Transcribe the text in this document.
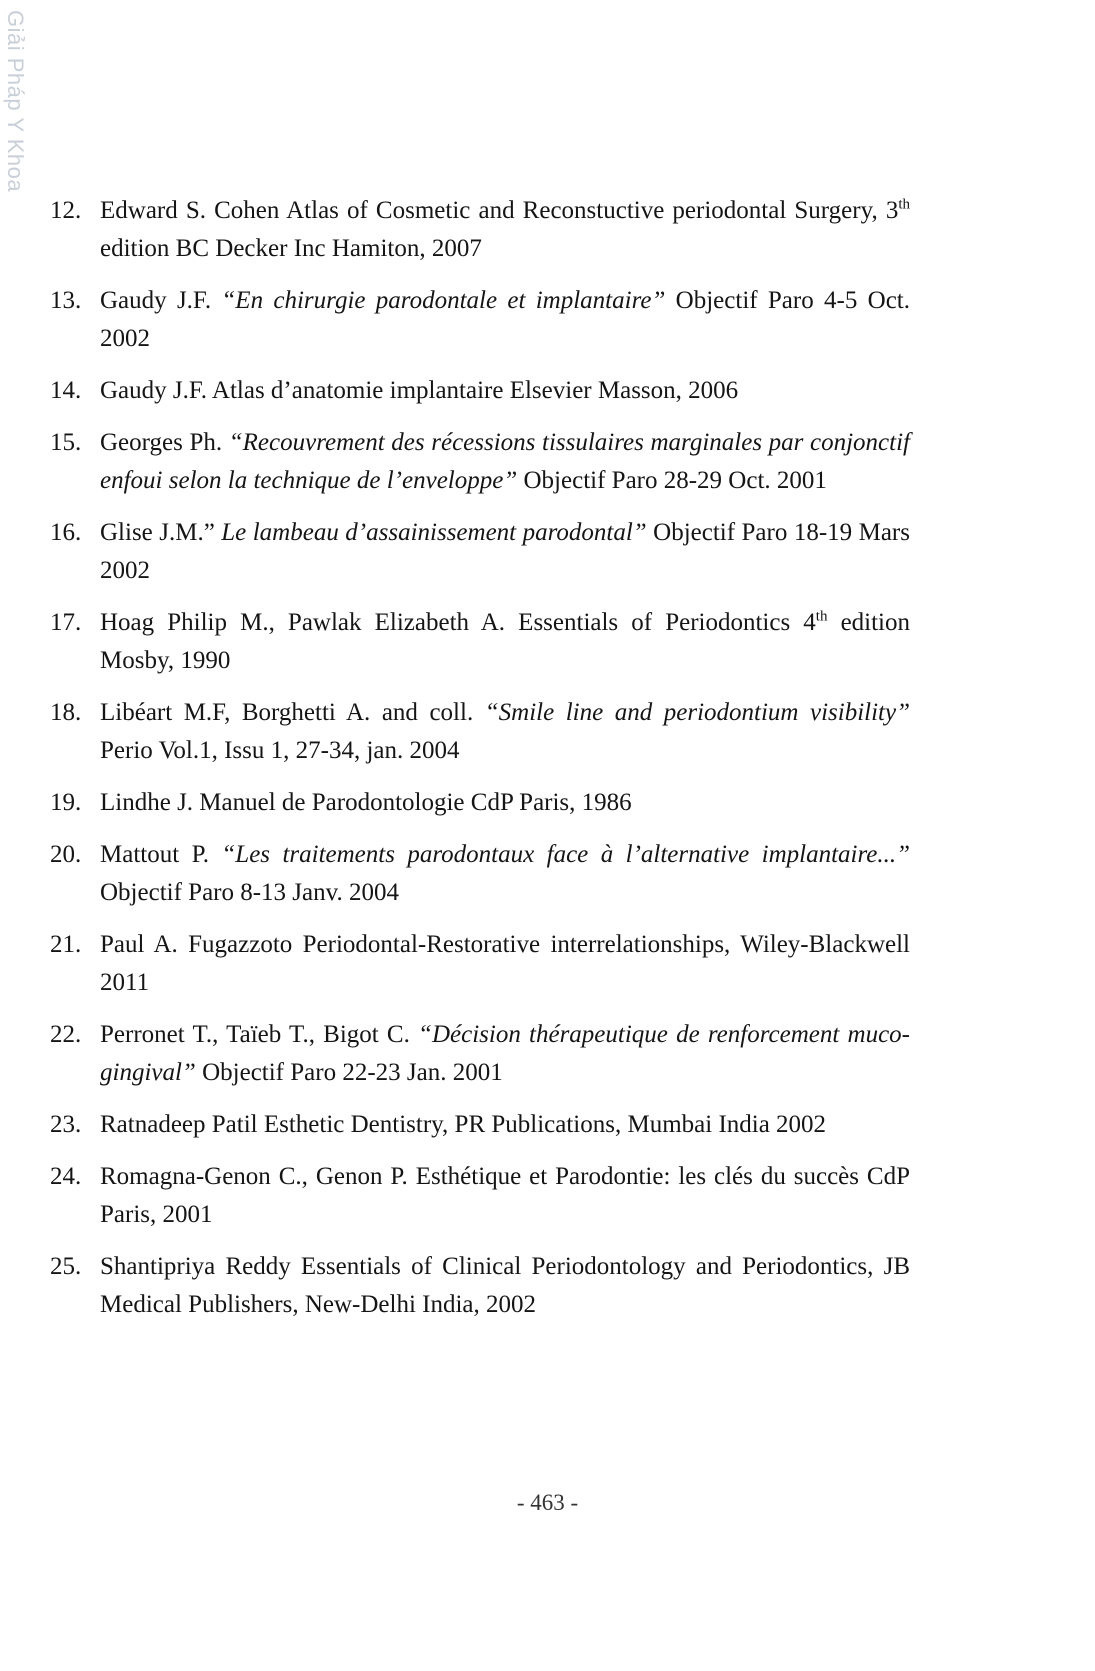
Giải Pháp Y Khoa
12. Edward S. Cohen Atlas of Cosmetic and Reconstuctive periodontal Surgery, 3th edition BC Decker Inc Hamiton, 2007
13. Gaudy J.F. “En chirurgie parodontale et implantaire” Objectif Paro 4-5 Oct. 2002
14. Gaudy J.F. Atlas d’anatomie implantaire Elsevier Masson, 2006
15. Georges Ph. “Recouvrement des récessions tissulaires marginales par conjonctif enfoui selon la technique de l’enveloppe” Objectif Paro 28-29 Oct. 2001
16. Glise J.M.” Le lambeau d’assainissement parodontal” Objectif Paro 18-19 Mars 2002
17. Hoag Philip M., Pawlak Elizabeth A. Essentials of Periodontics 4th edition Mosby, 1990
18. Libéart M.F, Borghetti A. and coll. “Smile line and periodontium visibility” Perio Vol.1, Issu 1, 27-34, jan. 2004
19. Lindhe J. Manuel de Parodontologie CdP Paris, 1986
20. Mattout P. “Les traitements parodontaux face à l’alternative implantaire...” Objectif Paro 8-13 Janv. 2004
21. Paul A. Fugazzoto Periodontal-Restorative interrelationships, Wiley-Blackwell 2011
22. Perronet T., Taïeb T., Bigot C. “Décision thérapeutique de renforcement muco-gingival” Objectif Paro 22-23 Jan. 2001
23. Ratnadeep Patil Esthetic Dentistry, PR Publications, Mumbai India 2002
24. Romagna-Genon C., Genon P. Esthétique et Parodontie: les clés du succès CdP Paris, 2001
25. Shantipriya Reddy Essentials of Clinical Periodontology and Periodontics, JB Medical Publishers, New-Delhi India, 2002
- 463 -
